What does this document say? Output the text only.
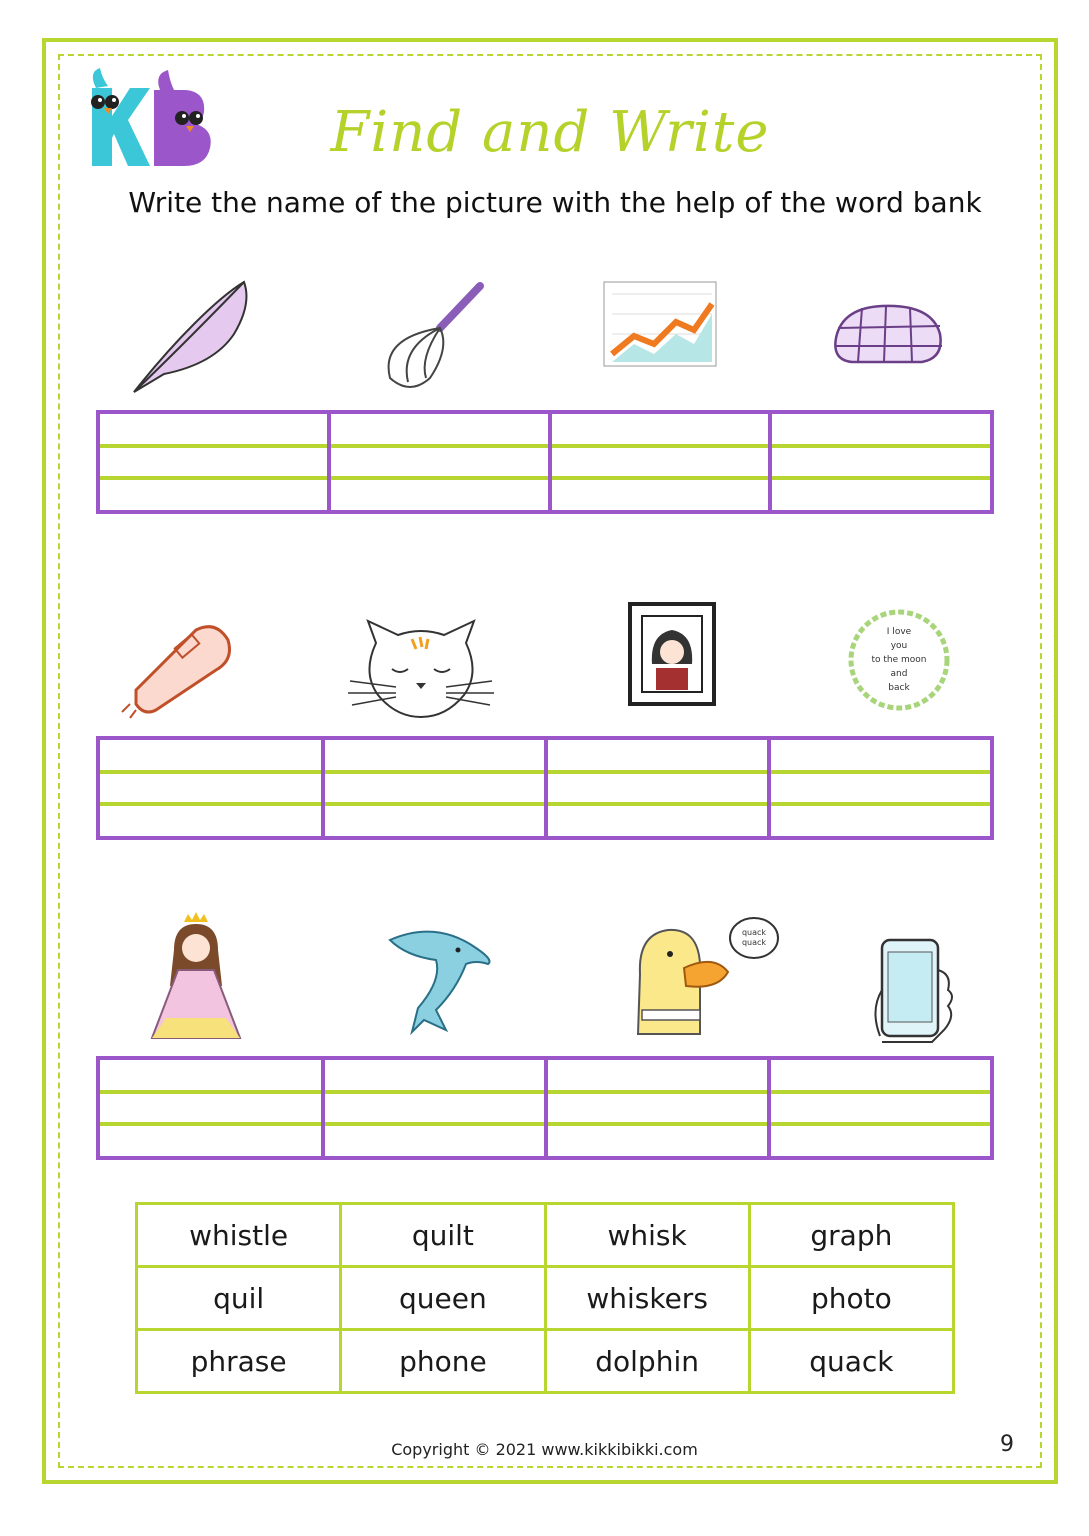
Find and Write
Write the name of the picture with the help of the word bank
I love
you
to the moon
and
back
quack
quack
whistle	quilt	whisk	graph
quil	queen	whiskers	photo
phrase	phone	dolphin	quack
Copyright © 2021 www.kikkibikki.com	9
